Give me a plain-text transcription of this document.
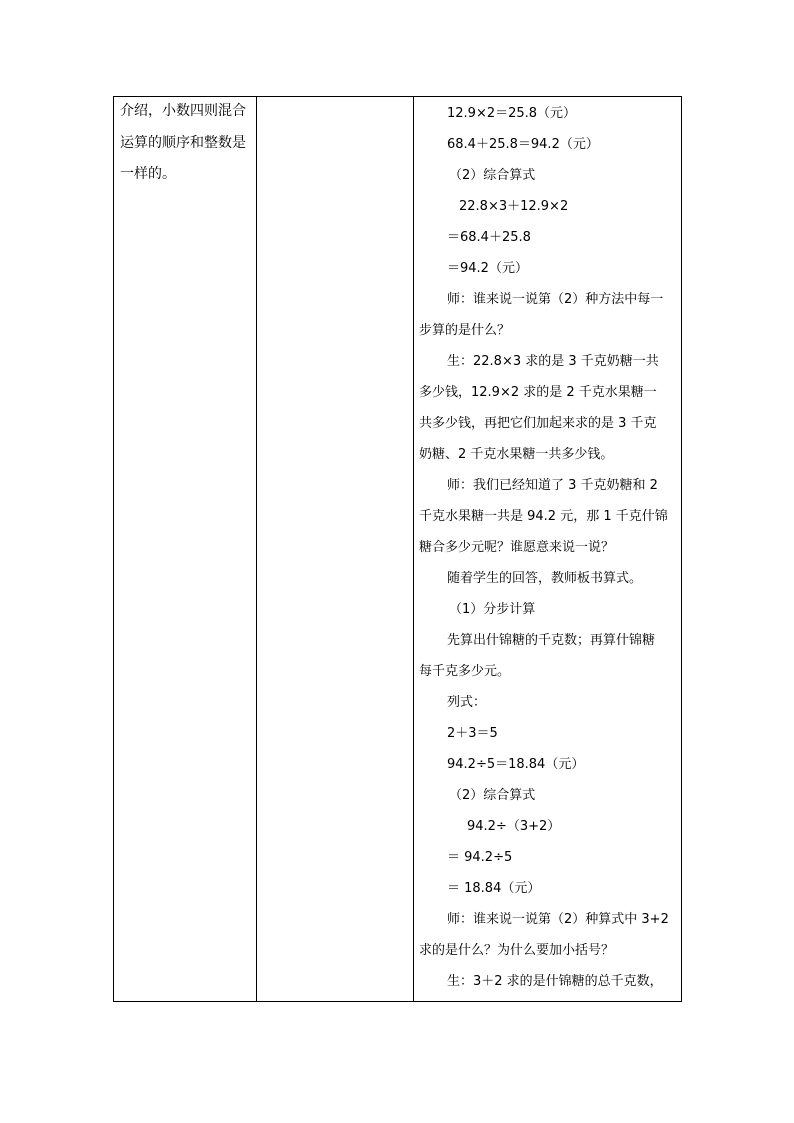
介绍，小数四则混合
运算的顺序和整数是
一样的。
12.9×2＝25.8（元）
68.4＋25.8＝94.2（元）
（2）综合算式
22.8×3＋12.9×2
＝68.4＋25.8
＝94.2（元）
师：谁来说一说第（2）种方法中每一
步算的是什么？
生：22.8×3 求的是 3 千克奶糖一共
多少钱，12.9×2 求的是 2 千克水果糖一
共多少钱，再把它们加起来求的是 3 千克
奶糖、2 千克水果糖一共多少钱。
师：我们已经知道了 3 千克奶糖和 2
千克水果糖一共是 94.2 元，那 1 千克什锦
糖合多少元呢？谁愿意来说一说？
随着学生的回答，教师板书算式。
（1）分步计算
先算出什锦糖的千克数；再算什锦糖
每千克多少元。
列式：
2＋3＝5
94.2÷5＝18.84（元）
（2）综合算式
94.2÷（3+2）
＝ 94.2÷5
＝ 18.84（元）
师：谁来说一说第（2）种算式中 3+2
求的是什么？为什么要加小括号？
生：3＋2 求的是什锦糖的总千克数，
